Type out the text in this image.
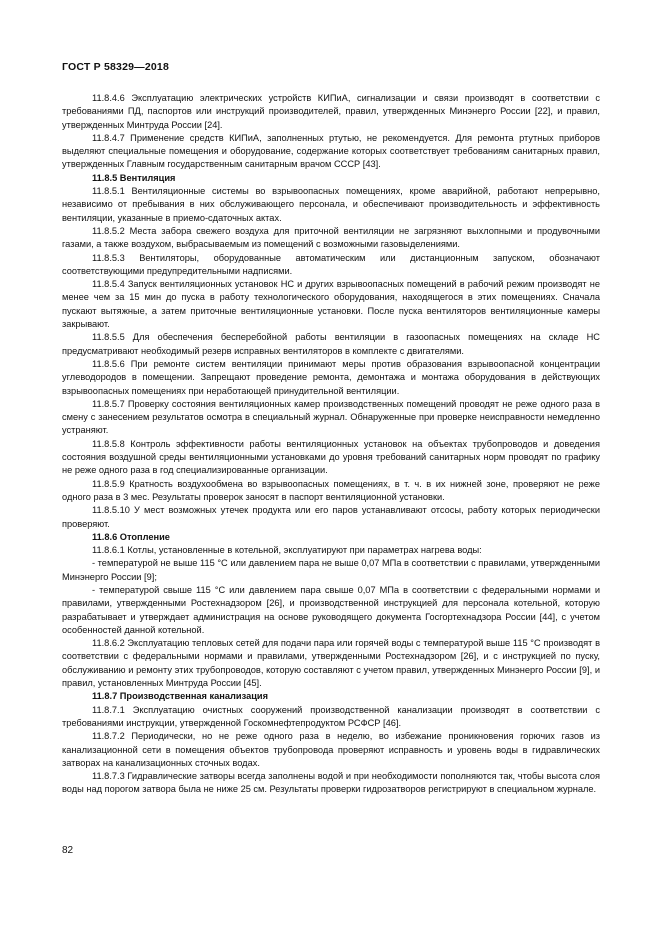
ГОСТ Р 58329—2018

11.8.4.6 Эксплуатацию электрических устройств КИПиА, сигнализации и связи производят в соответствии с требованиями ПД, паспортов или инструкций производителей, правил, утвержденных Минэнерго России [22], и правил, утвержденных Минтруда России [24].

11.8.4.7 Применение средств КИПиА, заполненных ртутью, не рекомендуется. Для ремонта ртутных приборов выделяют специальные помещения и оборудование, содержание которых соответствует требованиям санитарных правил, утвержденных Главным государственным санитарным врачом СССР [43].

11.8.5 Вентиляция

11.8.5.1 Вентиляционные системы во взрывоопасных помещениях, кроме аварийной, работают непрерывно, независимо от пребывания в них обслуживающего персонала, и обеспечивают производительность и эффективность вентиляции, указанные в приемо-сдаточных актах.

11.8.5.2 Места забора свежего воздуха для приточной вентиляции не загрязняют выхлопными и продувочными газами, а также воздухом, выбрасываемым из помещений с возможными газовыделениями.

11.8.5.3 Вентиляторы, оборудованные автоматическим или дистанционным запуском, обозначают соответствующими предупредительными надписями.

11.8.5.4 Запуск вентиляционных установок НС и других взрывоопасных помещений в рабочий режим производят не менее чем за 15 мин до пуска в работу технологического оборудования, находящегося в этих помещениях. Сначала пускают вытяжные, а затем приточные вентиляционные установки. После пуска вентиляторов вентиляционные камеры закрывают.

11.8.5.5 Для обеспечения бесперебойной работы вентиляции в газоопасных помещениях на складе НС предусматривают необходимый резерв исправных вентиляторов в комплекте с двигателями.

11.8.5.6 При ремонте систем вентиляции принимают меры против образования взрывоопасной концентрации углеводородов в помещении. Запрещают проведение ремонта, демонтажа и монтажа оборудования в действующих взрывоопасных помещениях при неработающей принудительной вентиляции.

11.8.5.7 Проверку состояния вентиляционных камер производственных помещений проводят не реже одного раза в смену с занесением результатов осмотра в специальный журнал. Обнаруженные при проверке неисправности немедленно устраняют.

11.8.5.8 Контроль эффективности работы вентиляционных установок на объектах трубопроводов и доведения состояния воздушной среды вентиляционными установками до уровня требований санитарных норм проводят по графику не реже одного раза в год специализированные организации.

11.8.5.9 Кратность воздухообмена во взрывоопасных помещениях, в т. ч. в их нижней зоне, проверяют не реже одного раза в 3 мес. Результаты проверок заносят в паспорт вентиляционной установки.

11.8.5.10 У мест возможных утечек продукта или его паров устанавливают отсосы, работу которых периодически проверяют.

11.8.6 Отопление

11.8.6.1 Котлы, установленные в котельной, эксплуатируют при параметрах нагрева воды:

- температурой не выше 115 °С или давлением пара не выше 0,07 МПа в соответствии с правилами, утвержденными Минэнерго России [9];

- температурой свыше 115 °С или давлением пара свыше 0,07 МПа в соответствии с федеральными нормами и правилами, утвержденными Ростехнадзором [26], и производственной инструкцией для персонала котельной, которую разрабатывает и утверждает администрация на основе руководящего документа Госгортехнадзора России [44], с учетом особенностей данной котельной.

11.8.6.2 Эксплуатацию тепловых сетей для подачи пара или горячей воды с температурой выше 115 °С производят в соответствии с федеральными нормами и правилами, утвержденными Ростехнадзором [26], и с инструкцией по пуску, обслуживанию и ремонту этих трубопроводов, которую составляют с учетом правил, утвержденных Минэнерго России [9], и правил, установленных Минтруда России [45].

11.8.7 Производственная канализация

11.8.7.1 Эксплуатацию очистных сооружений производственной канализации производят в соответствии с требованиями инструкции, утвержденной Госкомнефтепродуктом РСФСР [46].

11.8.7.2 Периодически, но не реже одного раза в неделю, во избежание проникновения горючих газов из канализационной сети в помещения объектов трубопровода проверяют исправность и уровень воды в гидравлических затворах на канализационных сточных водах.

11.8.7.3 Гидравлические затворы всегда заполнены водой и при необходимости пополняются так, чтобы высота слоя воды над порогом затвора была не ниже 25 см. Результаты проверки гидрозатворов регистрируют в специальном журнале.

82
